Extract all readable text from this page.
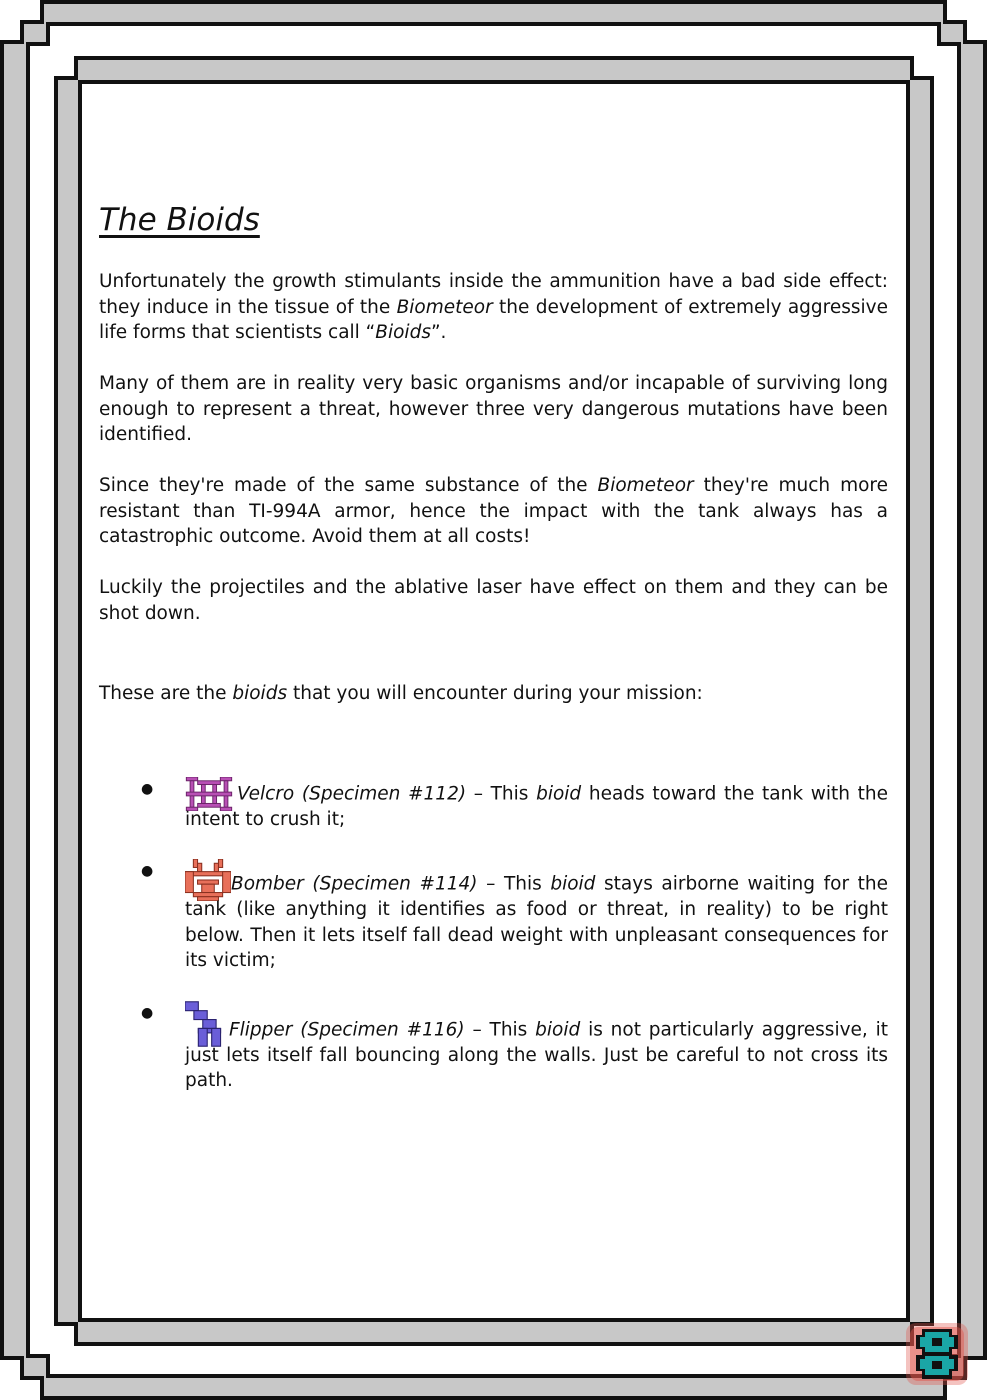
The Bioids

Unfortunately the growth stimulants inside the ammunition have a bad side effect: they induce in the tissue of the Biometeor the development of extremely aggressive life forms that scientists call “Bioids”.

Many of them are in reality very basic organisms and/or incapable of surviving long enough to represent a threat, however three very dangerous mutations have been identified.

Since they're made of the same substance of the Biometeor they're much more resistant than TI-994A armor, hence the impact with the tank always has a catastrophic outcome. Avoid them at all costs!

Luckily the projectiles and the ablative laser have effect on them and they can be shot down.

These are the bioids that you will encounter during your mission:

●	Velcro (Specimen #112) – This bioid heads toward the tank with the intent to crush it;
●
Bomber (Specimen #114) – This bioid stays airborne waiting for the tank (like anything it identifies as food or threat, in reality) to be right below. Then it lets itself fall dead weight with unpleasant consequences for its victim;
●
Flipper (Specimen #116) – This bioid is not particularly aggressive, it just lets itself fall bouncing along the walls. Just be careful to not cross its path.
8
